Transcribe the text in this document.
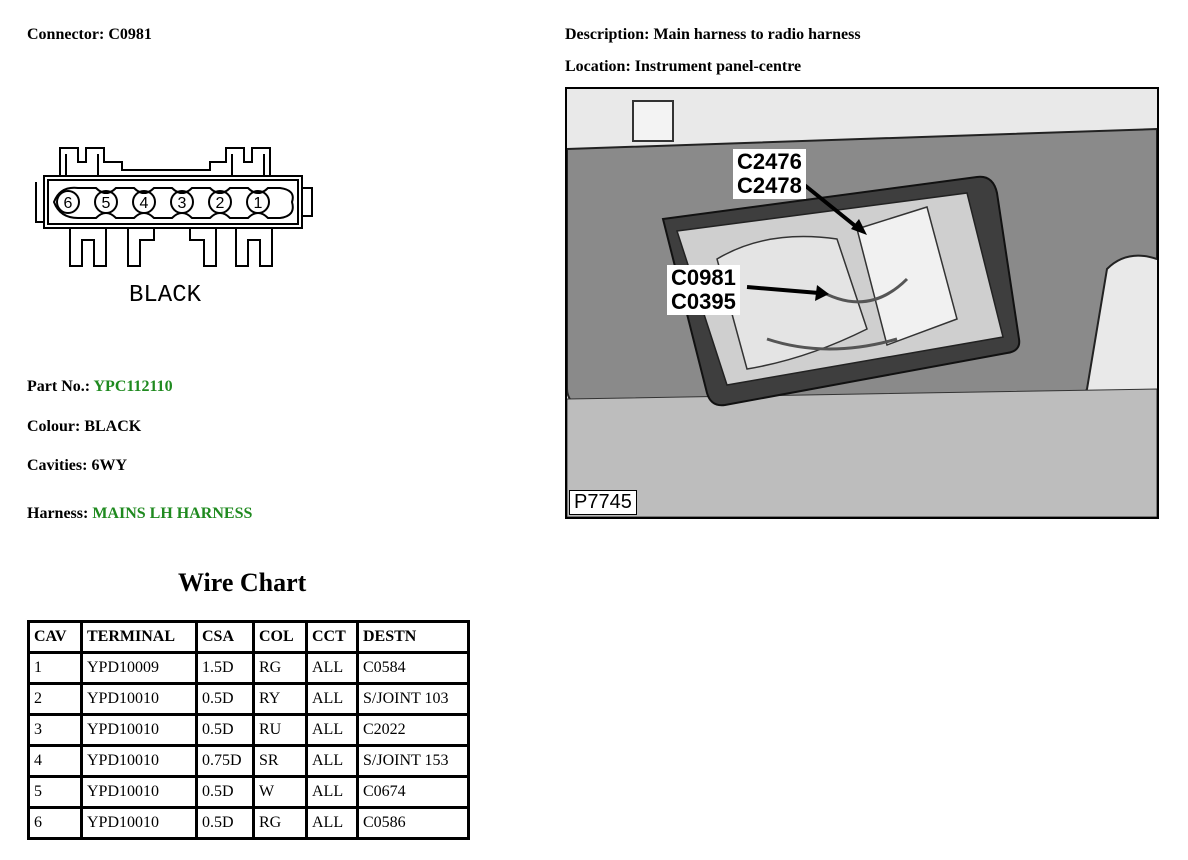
Connector: C0981	Description: Main harness to radio harness
Location: Instrument panel-centre
6 5 4 3 2 1
BLACK
Part No.: YPC112110
Colour: BLACK
Cavities: 6WY
Harness: MAINS LH HARNESS
C2476
C2478
C0981
C0395
P7745
Wire Chart
CAV	TERMINAL	CSA	COL	CCT	DESTN
1	YPD10009	1.5D	RG	ALL	C0584
2	YPD10010	0.5D	RY	ALL	S/JOINT 103
3	YPD10010	0.5D	RU	ALL	C2022
4	YPD10010	0.75D	SR	ALL	S/JOINT 153
5	YPD10010	0.5D	W	ALL	C0674
6	YPD10010	0.5D	RG	ALL	C0586
